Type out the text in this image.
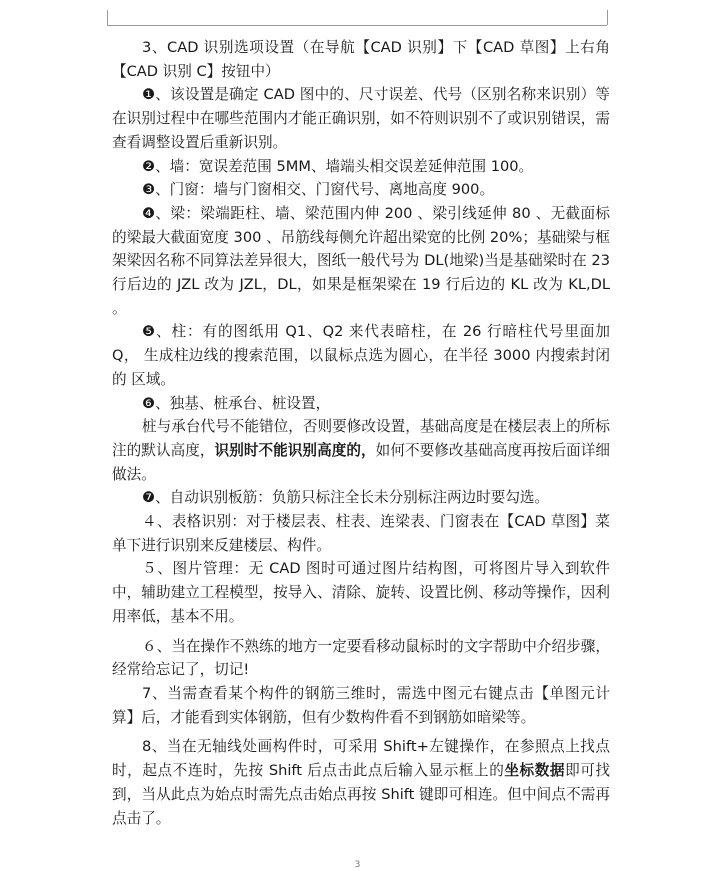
3、CAD 识别选项设置（在导航【CAD 识别】下【CAD 草图】上右角【CAD 识别 C】按钮中）

❶、该设置是确定 CAD 图中的、尺寸误差、代号（区别名称来识别）等在识别过程中在哪些范围内才能正确识别，如不符则识别不了或识别错误，需查看调整设置后重新识别。

❷、墙：宽误差范围 5MM、墙端头相交误差延伸范围 100。

❸、门窗：墙与门窗相交、门窗代号、离地高度 900。

❹、梁：梁端距柱、墙、梁范围内伸 200 、梁引线延伸 80 、无截面标的梁最大截面宽度 300 、吊筋线每侧允许超出梁宽的比例 20%；基础梁与框架梁因名称不同算法差异很大，图纸一般代号为 DL(地梁)当是基础梁时在 23 行后边的 JZL 改为 JZL，DL，如果是框架梁在 19 行后边的 KL 改为 KL,DL 。

❺、柱：有的图纸用 Q1、Q2 来代表暗柱，在 26 行暗柱代号里面加 Q， 生成柱边线的搜索范围，以鼠标点选为圆心，在半径 3000 内搜索封闭的 区域。

❻、独基、桩承台、桩设置，

桩与承台代号不能错位，否则要修改设置，基础高度是在楼层表上的所标注的默认高度，识别时不能识别高度的，如何不要修改基础高度再按后面详细做法。

❼、自动识别板筋：负筋只标注全长未分别标注两边时要勾选。

４、表格识别：对于楼层表、柱表、连梁表、门窗表在【CAD 草图】菜单下进行识别来反建楼层、构件。

５、图片管理：无 CAD 图时可通过图片结构图，可将图片导入到软件中，辅助建立工程模型，按导入、清除、旋转、设置比例、移动等操作，因利用率低，基本不用。

６、当在操作不熟练的地方一定要看移动鼠标时的文字帮助中介绍步骤，经常给忘记了，切记!

7、当需查看某个构件的钢筋三维时，需选中图元右键点击【单图元计算】后，才能看到实体钢筋，但有少数构件看不到钢筋如暗梁等。

8、当在无轴线处画构件时，可采用 Shift+左键操作，在参照点上找点时，起点不连时，先按 Shift 后点击此点后输入显示框上的坐标数据即可找到，当从此点为始点时需先点击始点再按 Shift 键即可相连。但中间点不需再点击了。

3
